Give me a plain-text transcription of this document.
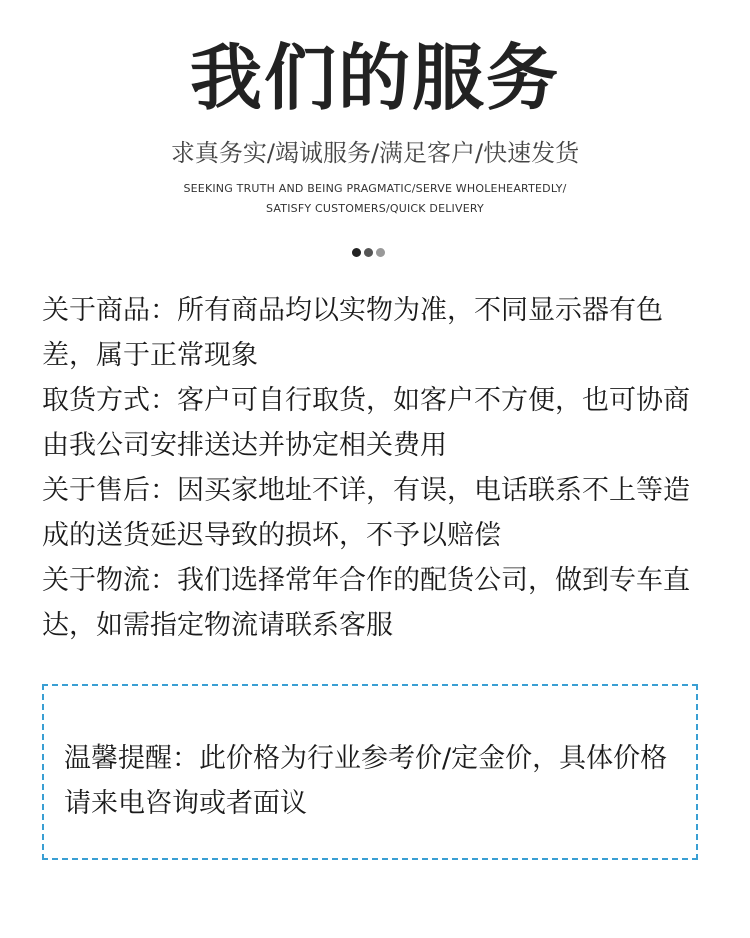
我们的服务
求真务实/竭诚服务/满足客户/快速发货
SEEKING TRUTH AND BEING PRAGMATIC/SERVE WHOLEHEARTEDLY/
SATISFY CUSTOMERS/QUICK DELIVERY

关于商品：所有商品均以实物为准，不同显示器有色差，属于正常现象

取货方式：客户可自行取货，如客户不方便，也可协商由我公司安排送达并协定相关费用

关于售后：因买家地址不详，有误，电话联系不上等造成的送货延迟导致的损坏，不予以赔偿

关于物流：我们选择常年合作的配货公司，做到专车直达，如需指定物流请联系客服

温馨提醒：此价格为行业参考价/定金价，具体价格请来电咨询或者面议
